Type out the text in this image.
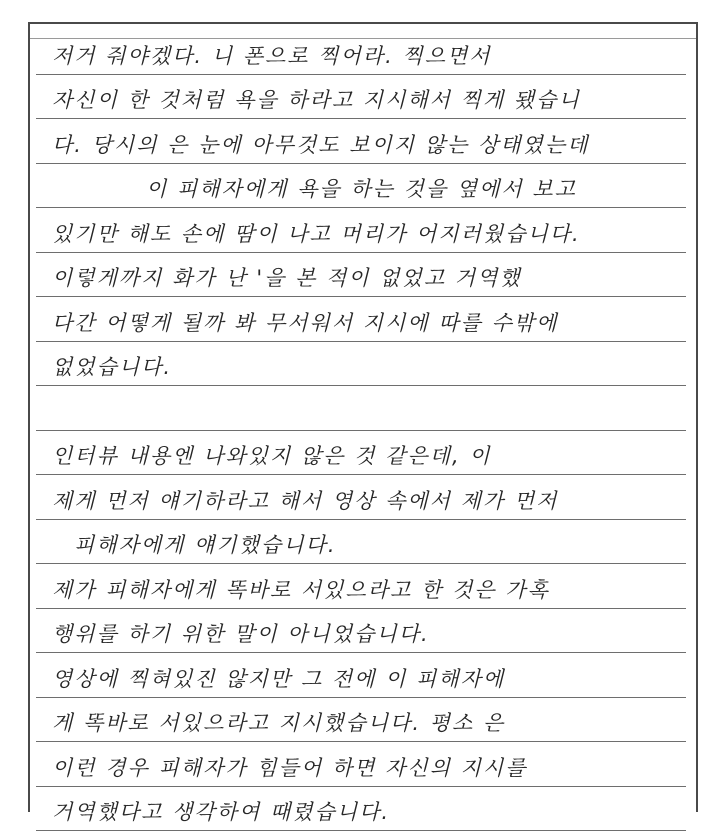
저거 줘야겠다. 니 폰으로 찍어라. 찍으면서
자신이 한 것처럼 욕을 하라고 지시해서 찍게 됐습니
다. 당시의 은 눈에 아무것도 보이지 않는 상태였는데
이 피해자에게 욕을 하는 것을 옆에서 보고
있기만 해도 손에 땀이 나고 머리가 어지러웠습니다.
이렇게까지 화가 난 '을 본 적이 없었고 거역했
다간 어떻게 될까 봐 무서워서 지시에 따를 수밖에
없었습니다.
인터뷰 내용엔 나와있지 않은 것 같은데, 이
제게 먼저 얘기하라고 해서 영상 속에서 제가 먼저
피해자에게 얘기했습니다.
제가 피해자에게 똑바로 서있으라고 한 것은 가혹
행위를 하기 위한 말이 아니었습니다.
영상에 찍혀있진 않지만 그 전에 이 피해자에
게 똑바로 서있으라고 지시했습니다. 평소 은
이런 경우 피해자가 힘들어 하면 자신의 지시를
거역했다고 생각하여 때렸습니다.
